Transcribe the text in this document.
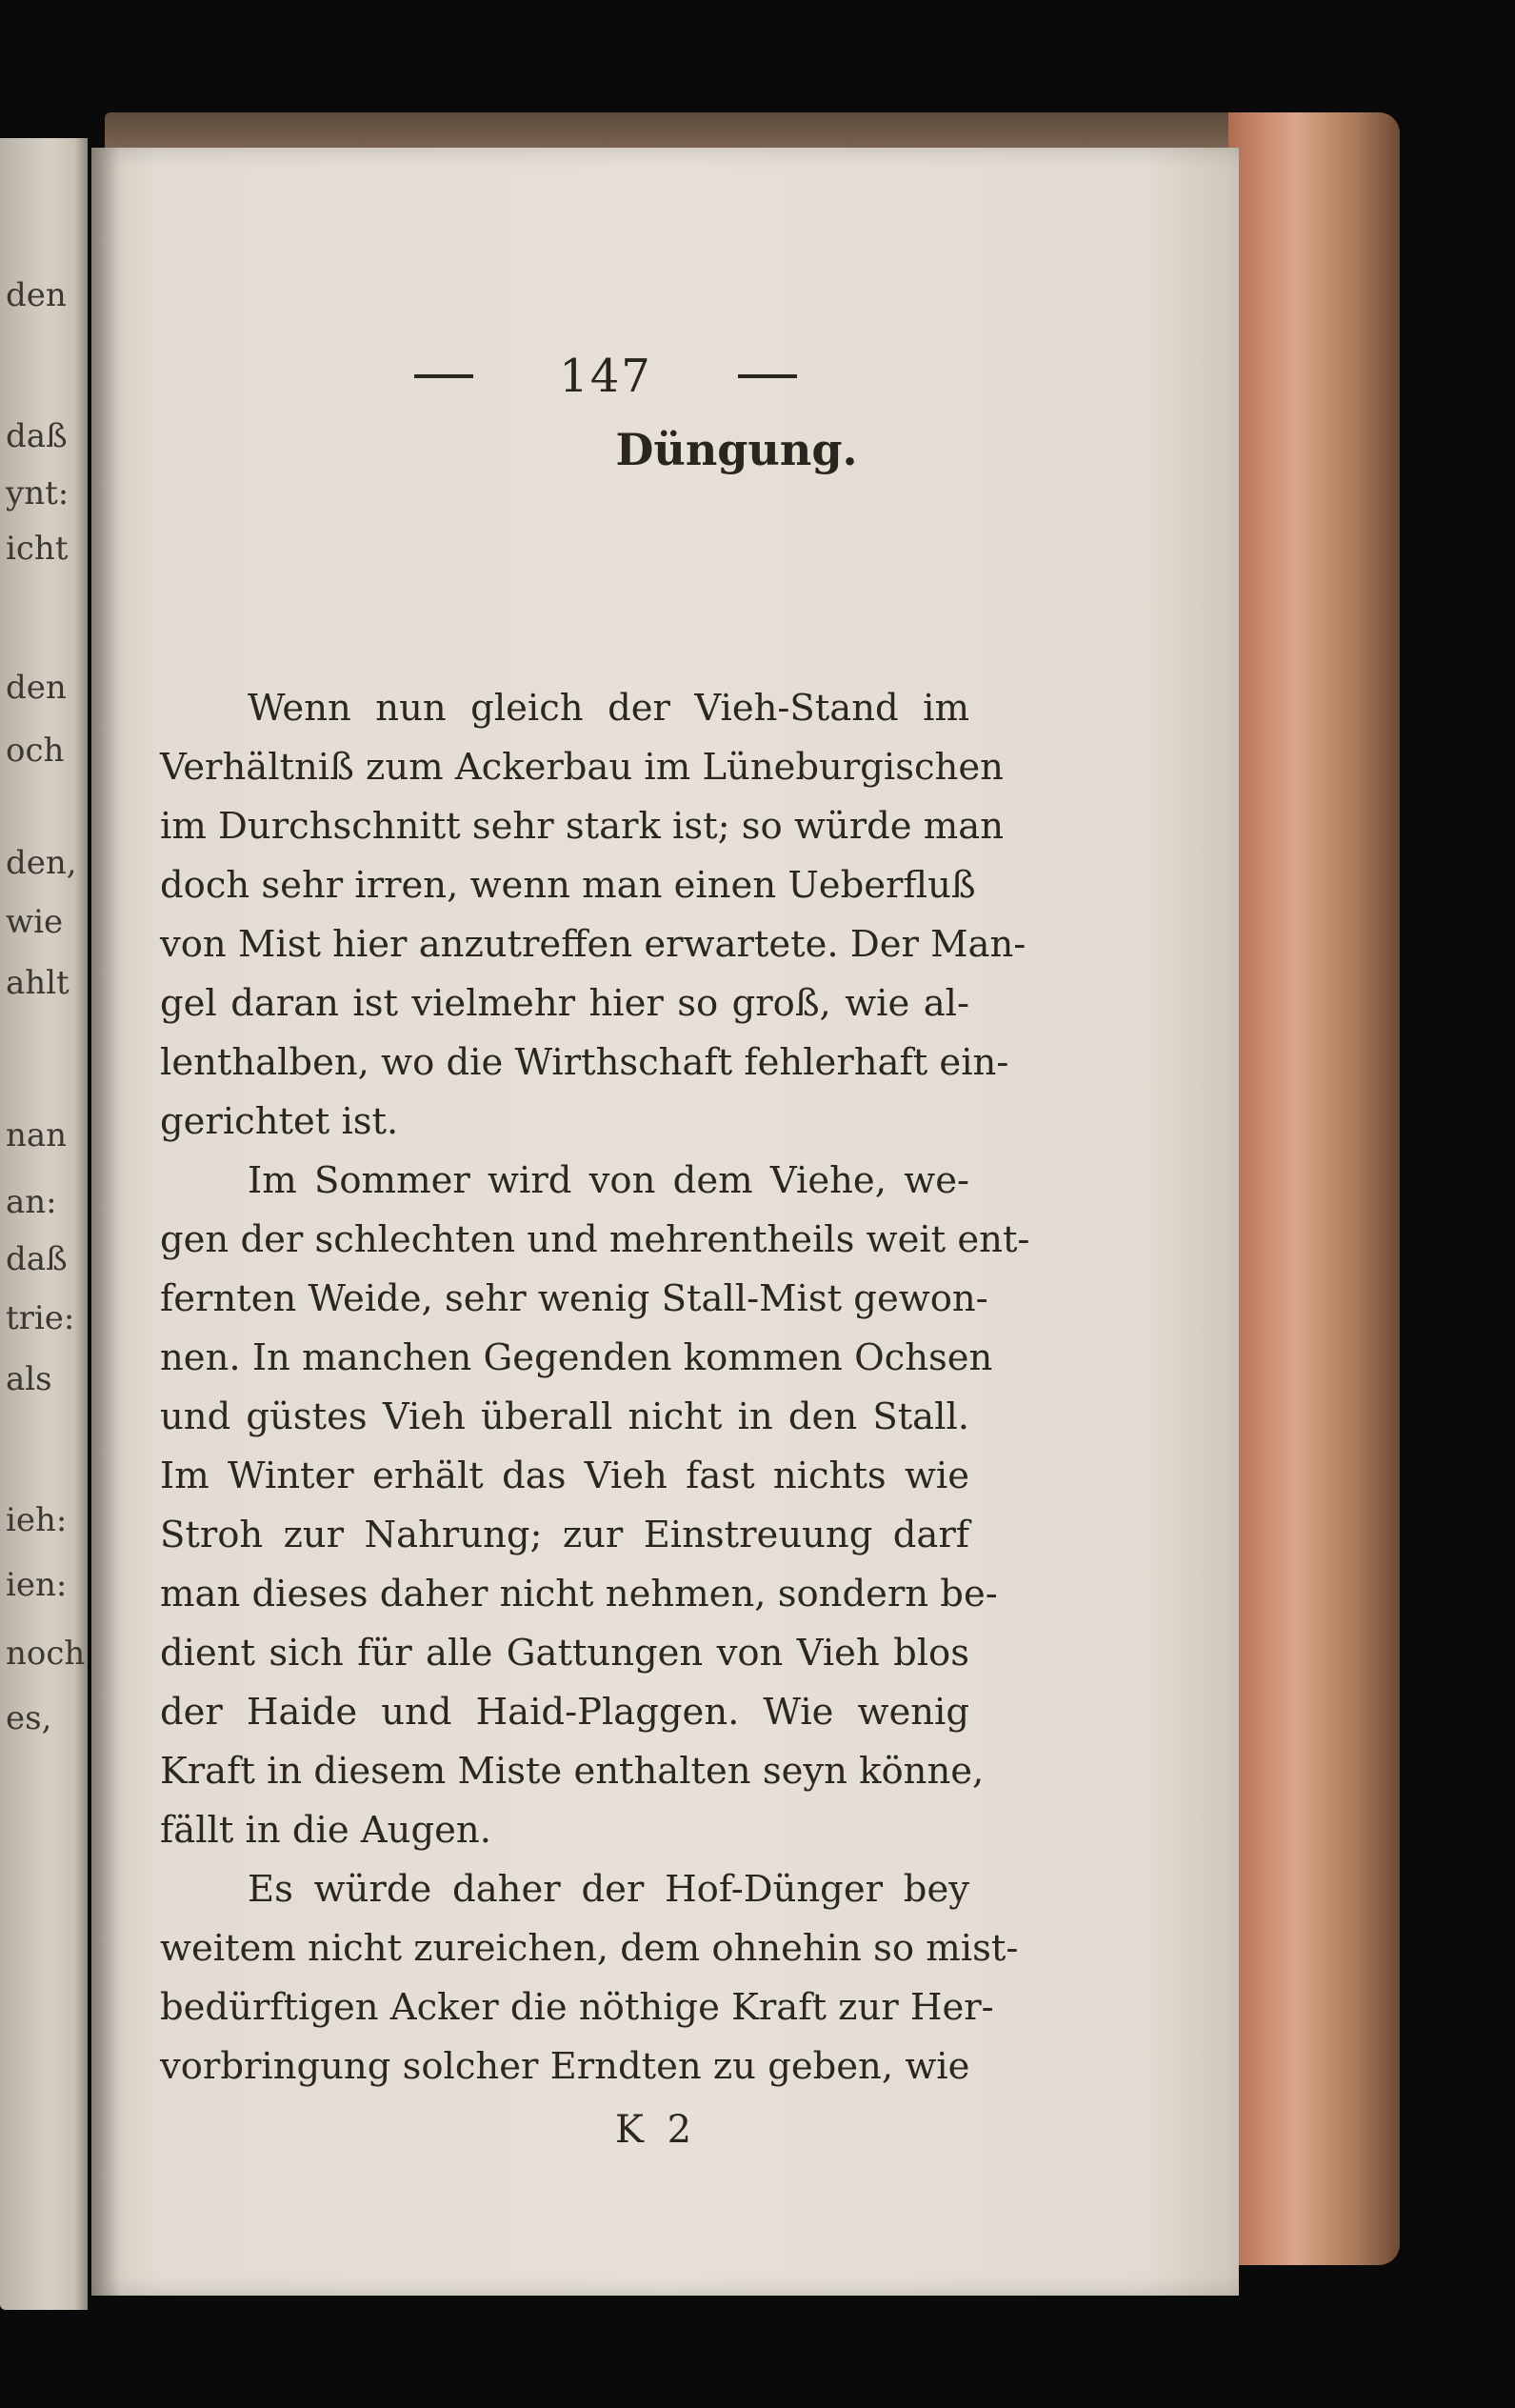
den
daß
ynt:
icht
den
och
den,
wie
ahlt
nan
an:
daß
trie:
als
ieh:
ien:
noch
es,
147
Düngung.
Wenn nun gleich der Vieh-Stand im
Verhältniß zum Ackerbau im Lüneburgischen
im Durchschnitt sehr stark ist; so würde man
doch sehr irren, wenn man einen Ueberfluß
von Mist hier anzutreffen erwartete. Der Man-
gel daran ist vielmehr hier so groß, wie al-
lenthalben, wo die Wirthschaft fehlerhaft ein-
gerichtet ist.
Im Sommer wird von dem Viehe, we-
gen der schlechten und mehrentheils weit ent-
fernten Weide, sehr wenig Stall-Mist gewon-
nen. In manchen Gegenden kommen Ochsen
und güstes Vieh überall nicht in den Stall.
Im Winter erhält das Vieh fast nichts wie
Stroh zur Nahrung; zur Einstreuung darf
man dieses daher nicht nehmen, sondern be-
dient sich für alle Gattungen von Vieh blos
der Haide und Haid-Plaggen. Wie wenig
Kraft in diesem Miste enthalten seyn könne,
fällt in die Augen.
Es würde daher der Hof-Dünger bey
weitem nicht zureichen, dem ohnehin so mist-
bedürftigen Acker die nöthige Kraft zur Her-
vorbringung solcher Erndten zu geben, wie
K 2
